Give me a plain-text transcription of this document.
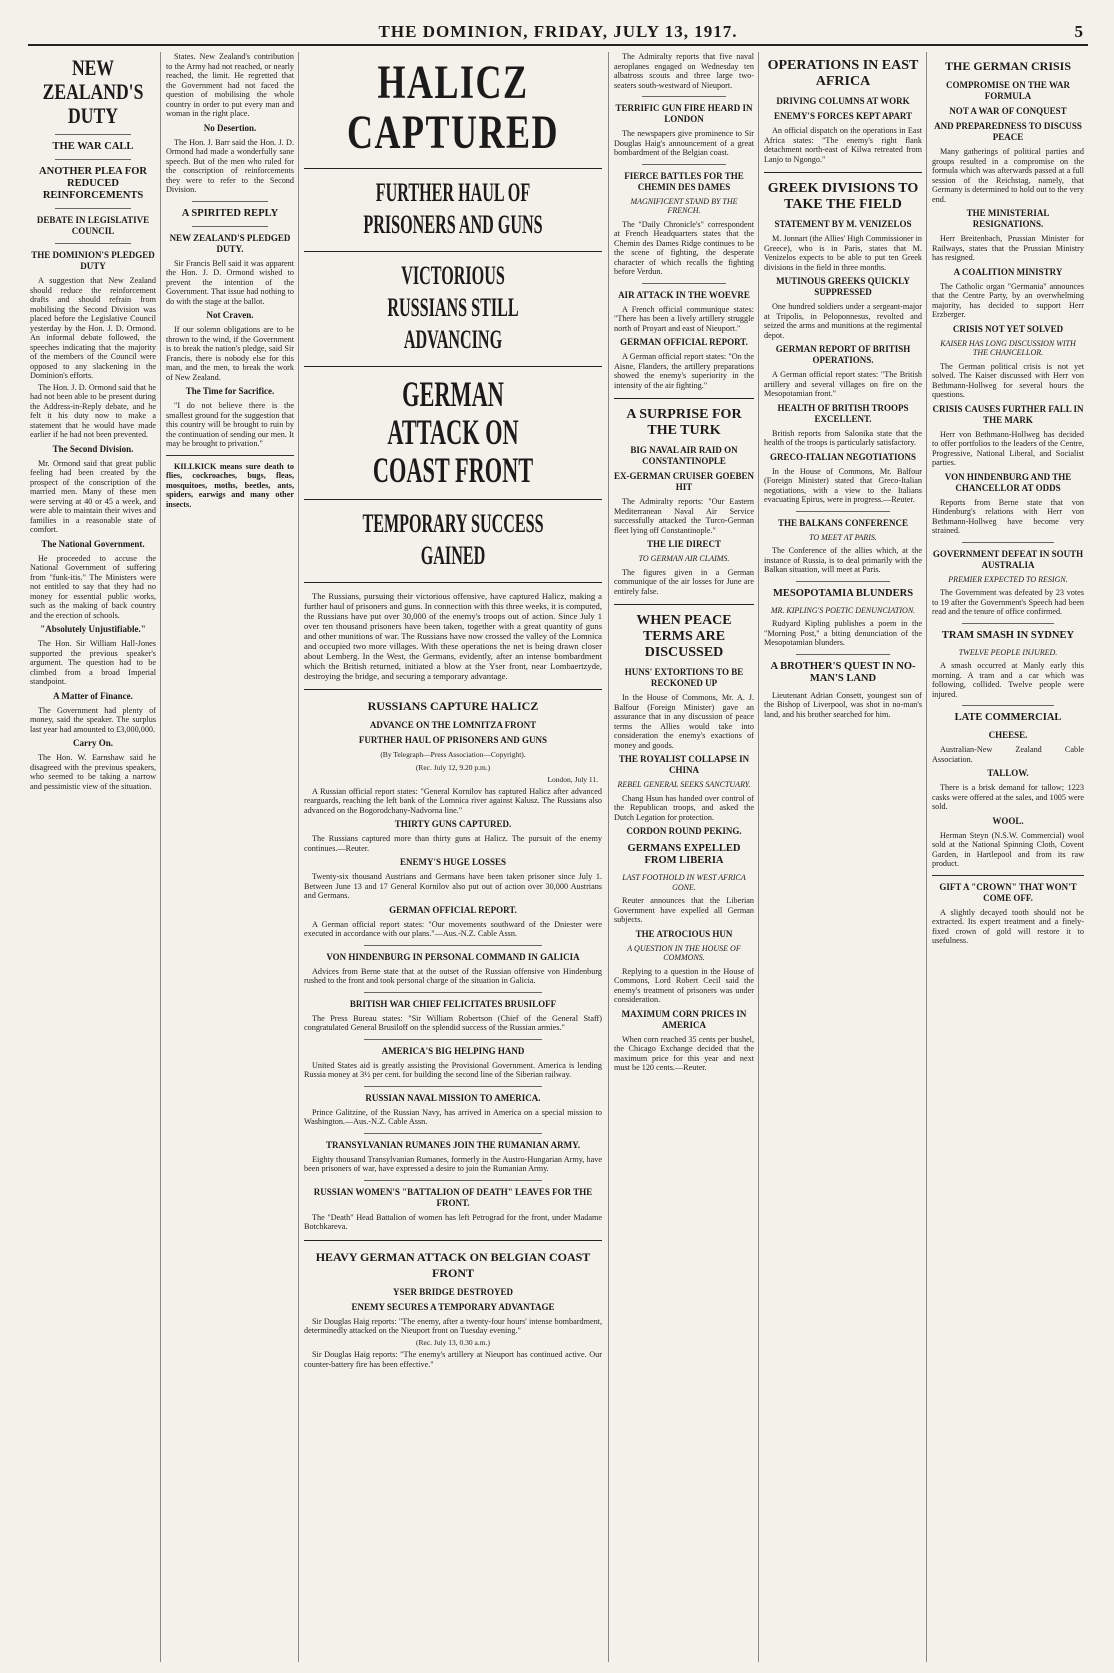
THE DOMINION, FRIDAY, JULY 13, 1917.	5
NEW ZEALAND'S DUTY
THE WAR CALL
ANOTHER PLEA FOR REDUCED REINFORCEMENTS
DEBATE IN LEGISLATIVE COUNCIL
THE DOMINION'S PLEDGED DUTY

A suggestion that New Zealand should reduce the reinforcement drafts and should refrain from mobilising the Second Division was placed before the Legislative Council yesterday by the Hon. J. D. Ormond. An informal debate followed, the speeches indicating that the majority of the members of the Council were opposed to any slackening in the Dominion's efforts.

The Hon. J. D. Ormond said that he had not been able to be present during the Address-in-Reply debate, and he felt it his duty now to make a statement that he would have made earlier if he had not been prevented.

The Second Division.

Mr. Ormond said that great public feeling had been created by the prospect of the conscription of the married men. Many of these men were serving at 40 or 45 a week, and were able to maintain their wives and families in a reasonable state of comfort.

The National Government.

He proceeded to accuse the National Government of suffering from "funk-itis." The Ministers were not entitled to say that they had no money for essential public works, such as the making of back country and the erection of schools.

"Absolutely Unjustifiable."

The Hon. Sir William Hall-Jones supported the previous speaker's argument. The question had to be climbed from a broad Imperial standpoint.

A Matter of Finance.

The Government had plenty of money, said the speaker. The surplus last year had amounted to £3,000,000.

Carry On.

The Hon. W. Earnshaw said he disagreed with the previous speakers, who seemed to be taking a narrow and pessimistic view of the situation.

States. New Zealand's contribution to the Army had not reached, or nearly reached, the limit. He regretted that the Government had not faced the question of mobilising the whole country in order to put every man and woman in the right place.

No Desertion.

The Hon. J. Barr said the Hon. J. D. Ormond had made a wonderfully sane speech. But of the men who ruled for the conscription of reinforcements they were to refer to the Second Division.

A SPIRITED REPLY
NEW ZEALAND'S PLEDGED DUTY.

Sir Francis Bell said it was apparent the Hon. J. D. Ormond wished to prevent the intention of the Government. That issue had nothing to do with the stage at the ballot.

Not Craven.

If our solemn obligations are to be thrown to the wind, if the Government is to break the nation's pledge, said Sir Francis, there is nobody else for this man, and the men, to break the work of New Zealand.

The Time for Sacrifice.

"I do not believe there is the smallest ground for the suggestion that this country will be brought to ruin by the continuation of sending our men. It may be brought to privation."

KILLKICK means sure death to flies, cockroaches, bugs, fleas, mosquitoes, moths, beetles, ants, spiders, earwigs and many other insects.

HALICZ CAPTURED
FURTHER HAUL OF PRISONERS AND GUNS
VICTORIOUS RUSSIANS STILL ADVANCING
GERMAN ATTACK ON COAST FRONT
TEMPORARY SUCCESS GAINED

The Russians, pursuing their victorious offensive, have captured Halicz, making a further haul of prisoners and guns. In connection with this three weeks, it is computed, the Russians have put over 30,000 of the enemy's troops out of action. Since July 1 over ten thousand prisoners have been taken, together with a great quantity of guns and other munitions of war. The Russians have now crossed the valley of the Lomnica and occupied two more villages. With these operations the net is being drawn closer about Lemberg. In the West, the Germans, evidently, after an intense bombardment which the British returned, initiated a blow at the Yser front, near Lombaertzyde, destroying the bridge, and securing a temporary advantage.

RUSSIANS CAPTURE HALICZ
ADVANCE ON THE LOMNITZA FRONT
FURTHER HAUL OF PRISONERS AND GUNS
(By Telegraph—Press Association—Copyright).
(Rec. July 12, 9.20 p.m.)
London, July 11.

A Russian official report states: "General Kornilov has captured Halicz after advanced rearguards, reaching the left bank of the Lomnica river against Kalusz. The Russians also advanced on the Bogorodchany-Nadvorna line."

THIRTY GUNS CAPTURED.

The Russians captured more than thirty guns at Halicz. The pursuit of the enemy continues.—Reuter.

ENEMY'S HUGE LOSSES

Twenty-six thousand Austrians and Germans have been taken prisoner since July 1. Between June 13 and 17 General Kornilov also put out of action over 30,000 Austrians and Germans.

GERMAN OFFICIAL REPORT.

A German official report states: "Our movements southward of the Dniester were executed in accordance with our plans."—Aus.-N.Z. Cable Assn.

VON HINDENBURG IN PERSONAL COMMAND IN GALICIA

Advices from Berne state that at the outset of the Russian offensive von Hindenburg rushed to the front and took personal charge of the situation in Galicia.

BRITISH WAR CHIEF FELICITATES BRUSILOFF

The Press Bureau states: "Sir William Robertson (Chief of the General Staff) congratulated General Brusiloff on the splendid success of the Russian armies."

AMERICA'S BIG HELPING HAND

United States aid is greatly assisting the Provisional Government. America is lending Russia money at 3½ per cent. for building the second line of the Siberian railway.

RUSSIAN NAVAL MISSION TO AMERICA.

Prince Galitzine, of the Russian Navy, has arrived in America on a special mission to Washington.—Aus.-N.Z. Cable Assn.

TRANSYLVANIAN RUMANES JOIN THE RUMANIAN ARMY.

Eighty thousand Transylvanian Rumanes, formerly in the Austro-Hungarian Army, have been prisoners of war, have expressed a desire to join the Rumanian Army.

RUSSIAN WOMEN'S "BATTALION OF DEATH" LEAVES FOR THE FRONT.

The "Death" Head Battalion of women has left Petrograd for the front, under Madame Botchkareva.

HEAVY GERMAN ATTACK ON BELGIAN COAST FRONT
YSER BRIDGE DESTROYED
ENEMY SECURES A TEMPORARY ADVANTAGE

Sir Douglas Haig reports: "The enemy, after a twenty-four hours' intense bombardment, determinedly attacked on the Nieuport front on Tuesday evening."

(Rec. July 13, 0.30 a.m.)

Sir Douglas Haig reports: "The enemy's artillery at Nieuport has continued active. Our counter-battery fire has been effective."

The Admiralty reports that five naval aeroplanes engaged on Wednesday ten albatross scouts and three large two-seaters south-westward of Nieuport.

TERRIFIC GUN FIRE HEARD IN LONDON

The newspapers give prominence to Sir Douglas Haig's announcement of a great bombardment of the Belgian coast.

FIERCE BATTLES FOR THE CHEMIN DES DAMES
MAGNIFICENT STAND BY THE FRENCH.

The "Daily Chronicle's" correspondent at French Headquarters states that the Chemin des Dames Ridge continues to be the scene of fighting, the desperate character of which recalls the fighting before Verdun.

AIR ATTACK IN THE WOEVRE

A French official communique states: "There has been a lively artillery struggle north of Proyart and east of Nieuport."

GERMAN OFFICIAL REPORT.

A German official report states: "On the Aisne, Flanders, the artillery preparations showed the enemy's superiority in the intensity of the air fighting."

A SURPRISE FOR THE TURK
BIG NAVAL AIR RAID ON CONSTANTINOPLE
EX-GERMAN CRUISER GOEBEN HIT

The Admiralty reports: "Our Eastern Mediterranean Naval Air Service successfully attacked the Turco-German fleet lying off Constantinople."

THE LIE DIRECT
TO GERMAN AIR CLAIMS.

The figures given in a German communique of the air losses for June are entirely false.

WHEN PEACE TERMS ARE DISCUSSED
HUNS' EXTORTIONS TO BE RECKONED UP

In the House of Commons, Mr. A. J. Balfour (Foreign Minister) gave an assurance that in any discussion of peace terms the Allies would take into consideration the enemy's exactions of money and goods.

THE ROYALIST COLLAPSE IN CHINA
REBEL GENERAL SEEKS SANCTUARY.

Chang Hsun has handed over control of the Republican troops, and asked the Dutch Legation for protection.

CORDON ROUND PEKING.
GERMANS EXPELLED FROM LIBERIA
LAST FOOTHOLD IN WEST AFRICA GONE.

Reuter announces that the Liberian Government have expelled all German subjects.

THE ATROCIOUS HUN
A QUESTION IN THE HOUSE OF COMMONS.

Replying to a question in the House of Commons, Lord Robert Cecil said the enemy's treatment of prisoners was under consideration.

MAXIMUM CORN PRICES IN AMERICA

When corn reached 35 cents per bushel, the Chicago Exchange decided that the maximum price for this year and next must be 120 cents.—Reuter.

OPERATIONS IN EAST AFRICA
DRIVING COLUMNS AT WORK
ENEMY'S FORCES KEPT APART

An official dispatch on the operations in East Africa states: "The enemy's right flank detachment north-east of Kilwa retreated from Lanjo to Ngongo."

GREEK DIVISIONS TO TAKE THE FIELD
STATEMENT BY M. VENIZELOS

M. Jonnart (the Allies' High Commissioner in Greece), who is in Paris, states that M. Venizelos expects to be able to put ten Greek divisions in the field in three months.

MUTINOUS GREEKS QUICKLY SUPPRESSED

One hundred soldiers under a sergeant-major at Tripolis, in Peloponnesus, revolted and seized the arms and munitions at the regimental depot.

GERMAN REPORT OF BRITISH OPERATIONS.

A German official report states: "The British artillery and several villages on fire on the Mesopotamian front."

HEALTH OF BRITISH TROOPS EXCELLENT.

British reports from Salonika state that the health of the troops is particularly satisfactory.

GRECO-ITALIAN NEGOTIATIONS

In the House of Commons, Mr. Balfour (Foreign Minister) stated that Greco-Italian negotiations, with a view to the Italians evacuating Epirus, were in progress.—Reuter.

THE BALKANS CONFERENCE
TO MEET AT PARIS.

The Conference of the allies which, at the instance of Russia, is to deal primarily with the Balkan situation, will meet at Paris.

MESOPOTAMIA BLUNDERS
MR. KIPLING'S POETIC DENUNCIATION.

Rudyard Kipling publishes a poem in the "Morning Post," a biting denunciation of the Mesopotamian blunders.

A BROTHER'S QUEST IN NO-MAN'S LAND

Lieutenant Adrian Consett, youngest son of the Bishop of Liverpool, was shot in no-man's land, and his brother searched for him.

THE GERMAN CRISIS
COMPROMISE ON THE WAR FORMULA
NOT A WAR OF CONQUEST
AND PREPAREDNESS TO DISCUSS PEACE

Many gatherings of political parties and groups resulted in a compromise on the formula which was afterwards passed at a full session of the Reichstag, namely, that Germany is determined to hold out to the very end.

THE MINISTERIAL RESIGNATIONS.

Herr Breitenbach, Prussian Minister for Railways, states that the Prussian Ministry has resigned.

A COALITION MINISTRY

The Catholic organ "Germania" announces that the Centre Party, by an overwhelming majority, has decided to support Herr Erzberger.

CRISIS NOT YET SOLVED
KAISER HAS LONG DISCUSSION WITH THE CHANCELLOR.

The German political crisis is not yet solved. The Kaiser discussed with Herr von Bethmann-Hollweg for several hours the questions.

CRISIS CAUSES FURTHER FALL IN THE MARK

Herr von Bethmann-Hollweg has decided to offer portfolios to the leaders of the Centre, Progressive, National Liberal, and Socialist parties.

VON HINDENBURG AND THE CHANCELLOR AT ODDS

Reports from Berne state that von Hindenburg's relations with Herr von Bethmann-Hollweg have become very strained.

GOVERNMENT DEFEAT IN SOUTH AUSTRALIA
PREMIER EXPECTED TO RESIGN.

The Government was defeated by 23 votes to 19 after the Government's Speech had been read and the tenure of office confirmed.

TRAM SMASH IN SYDNEY
TWELVE PEOPLE INJURED.

A smash occurred at Manly early this morning. A tram and a car which was following, collided. Twelve people were injured.

LATE COMMERCIAL
CHEESE.

Australian-New Zealand Cable Association.

TALLOW.

There is a brisk demand for tallow; 1223 casks were offered at the sales, and 1005 were sold.

WOOL.

Herman Steyn (N.S.W. Commercial) wool sold at the National Spinning Cloth, Covent Garden, in Hartlepool and from its raw product.

GIFT A "CROWN" THAT WON'T COME OFF.

A slightly decayed tooth should not be extracted. Its expert treatment and a finely-fixed crown of gold will restore it to usefulness.
